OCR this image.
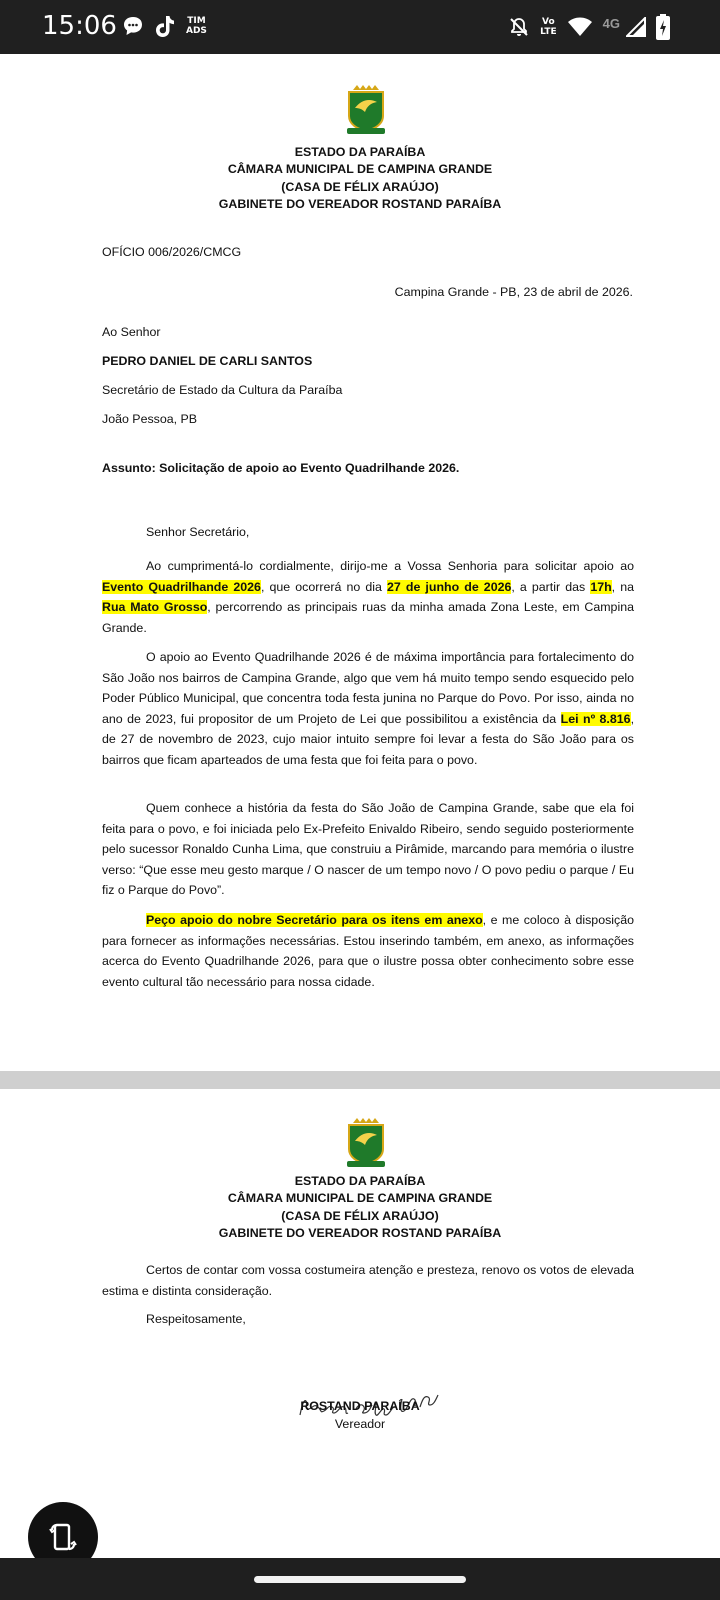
15:06	TIM
ADS
Vo
LTE
4G
ESTADO DA PARAÍBA
CÂMARA MUNICIPAL DE CAMPINA GRANDE
(CASA DE FÉLIX ARAÚJO)
GABINETE DO VEREADOR ROSTAND PARAÍBA
OFÍCIO 006/2026/CMCG
Campina Grande - PB, 23 de abril de 2026.
Ao Senhor
PEDRO DANIEL DE CARLI SANTOS
Secretário de Estado da Cultura da Paraíba
João Pessoa, PB
Assunto: Solicitação de apoio ao Evento Quadrilhande 2026.
Senhor Secretário,
Ao cumprimentá-lo cordialmente, dirijo-me a Vossa Senhoria para solicitar apoio ao Evento Quadrilhande 2026, que ocorrerá no dia 27 de junho de 2026, a partir das 17h, na Rua Mato Grosso, percorrendo as principais ruas da minha amada Zona Leste, em Campina Grande.
O apoio ao Evento Quadrilhande 2026 é de máxima importância para fortalecimento do São João nos bairros de Campina Grande, algo que vem há muito tempo sendo esquecido pelo Poder Público Municipal, que concentra toda festa junina no Parque do Povo. Por isso, ainda no ano de 2023, fui propositor de um Projeto de Lei que possibilitou a existência da Lei nº 8.816, de 27 de novembro de 2023, cujo maior intuito sempre foi levar a festa do São João para os bairros que ficam aparteados de uma festa que foi feita para o povo.
Quem conhece a história da festa do São João de Campina Grande, sabe que ela foi feita para o povo, e foi iniciada pelo Ex-Prefeito Enivaldo Ribeiro, sendo seguido posteriormente pelo sucessor Ronaldo Cunha Lima, que construiu a Pirâmide, marcando para memória o ilustre verso: “Que esse meu gesto marque / O nascer de um tempo novo / O povo pediu o parque / Eu fiz o Parque do Povo”.
Peço apoio do nobre Secretário para os itens em anexo, e me coloco à disposição para fornecer as informações necessárias. Estou inserindo também, em anexo, as informações acerca do Evento Quadrilhande 2026, para que o ilustre possa obter conhecimento sobre esse evento cultural tão necessário para nossa cidade.
ESTADO DA PARAÍBA
CÂMARA MUNICIPAL DE CAMPINA GRANDE
(CASA DE FÉLIX ARAÚJO)
GABINETE DO VEREADOR ROSTAND PARAÍBA
Certos de contar com vossa costumeira atenção e presteza, renovo os votos de elevada estima e distinta consideração.
Respeitosamente,
ROSTAND PARAÍBA
Vereador
